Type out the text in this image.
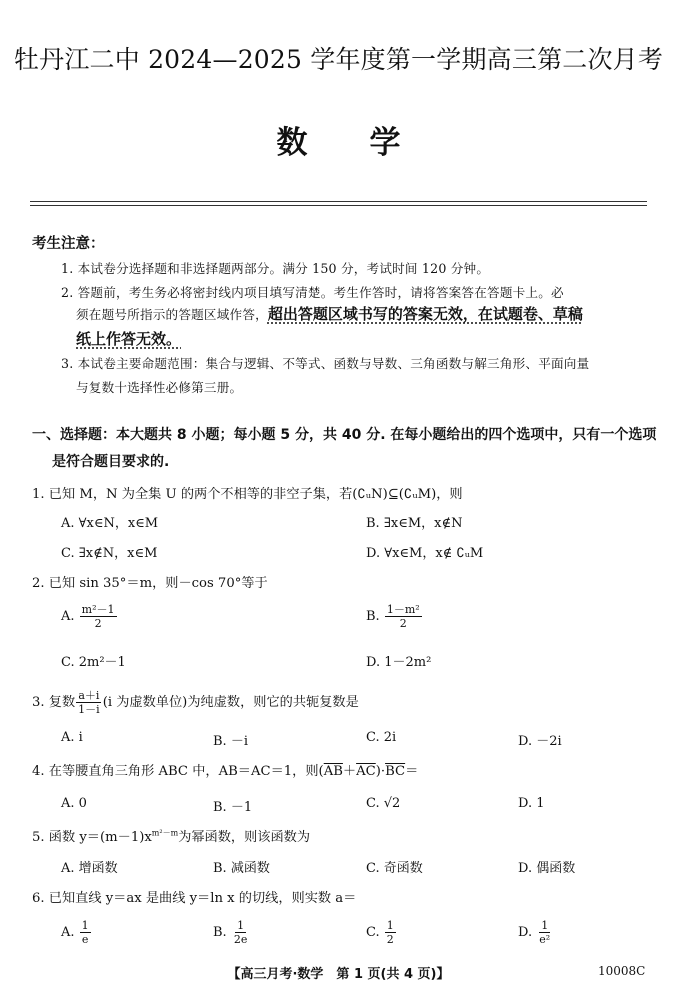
牡丹江二中 2024—2025 学年度第一学期高三第二次月考
数学
考生注意：
1. 本试卷分选择题和非选择题两部分。满分 150 分，考试时间 120 分钟。
2. 答题前，考生务必将密封线内项目填写清楚。考生作答时，请将答案答在答题卡上。必
须在题号所指示的答题区域作答，超出答题区域书写的答案无效，在试题卷、草稿
纸上作答无效。
3. 本试卷主要命题范围：集合与逻辑、不等式、函数与导数、三角函数与解三角形、平面向量
与复数十选择性必修第三册。
一、选择题：本大题共 8 小题；每小题 5 分，共 40 分. 在每小题给出的四个选项中，只有一个选项
是符合题目要求的.
1. 已知 M，N 为全集 U 的两个不相等的非空子集，若(∁ᵤN)⊆(∁ᵤM)，则
A. ∀x∈N，x∈M	B. ∃x∈M，x∉N
C. ∃x∉N，x∈M	D. ∀x∈M，x∉ ∁ᵤM
2. 已知 sin 35°＝m，则－cos 70°等于
A. $\frac{\text{m²－1}}{2}$	B. $\frac{\text{1－m²}}{2}$
C. 2m²－1	D. 1－2m²
3. 复数 $\frac{a+i}{1-i} (i$ 为虚数单位)为纯虚数，则它的共轭复数是
A. i	B. －i	C. 2i	D. －2i
4. 在等腰直角三角形 ABC 中，AB＝AC＝1，则$(\overline{AB}+\overline{AC})\cdot\overline{BC}=$
A. 0	B. －1	C. √2	D. 1
5. 函数 $y=(m-1)x^{m^2-m}$为幂函数，则该函数为
A. 增函数	B. 减函数	C. 奇函数	D. 偶函数
6. 已知直线 y＝ax 是曲线 y＝ln x 的切线，则实数 a＝
A. $\frac{1}{e}$	B. $\frac{1}{2e}$	C. $\frac{1}{2}$	D. $\frac{1}{\text{e²}}$
【高三月考·数学　第 1 页(共 4 页)】	10008C
